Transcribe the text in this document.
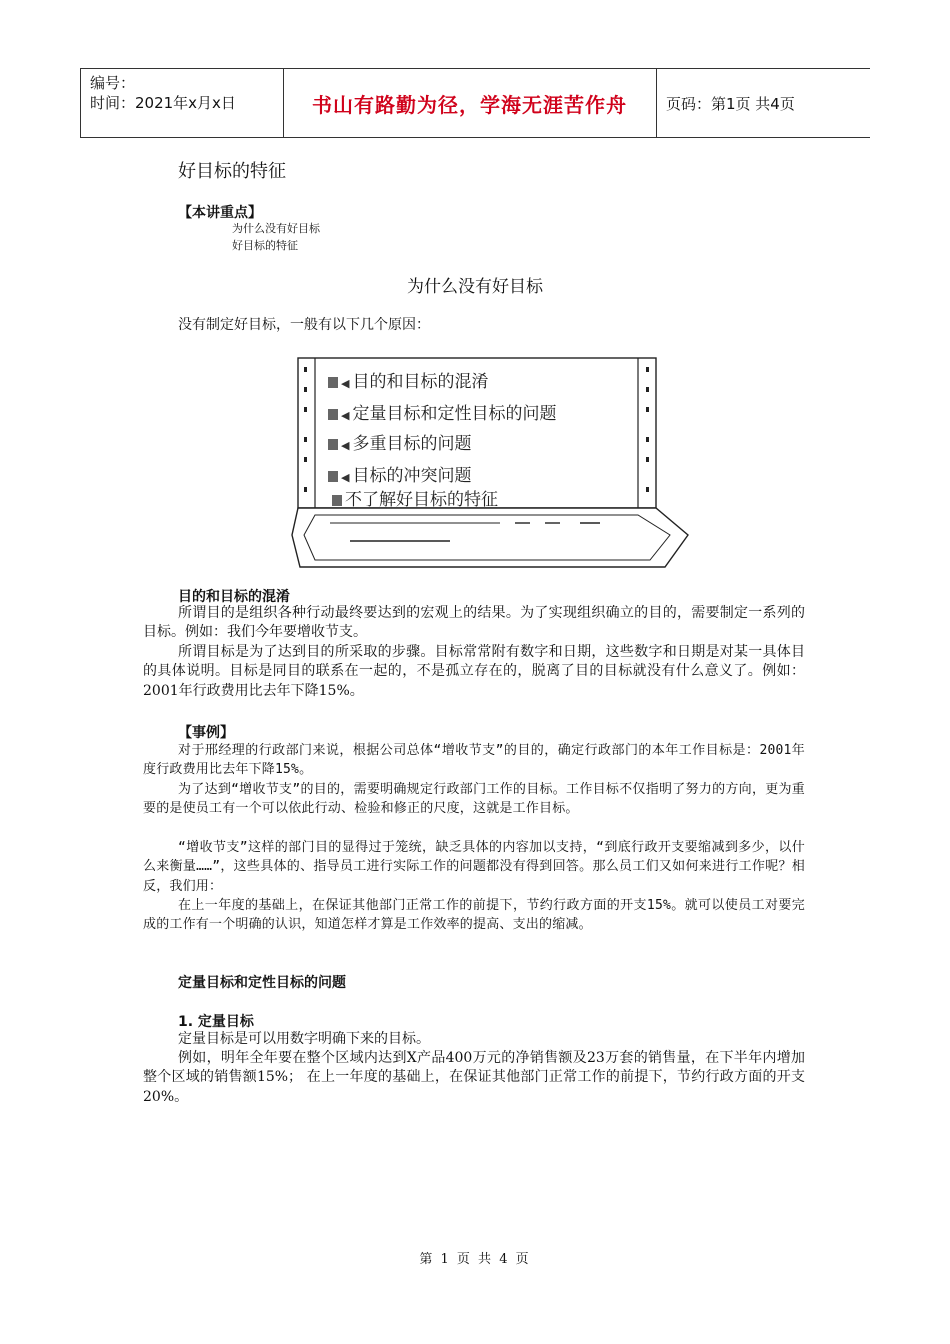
编号：
时间：2021年x月x日	书山有路勤为径，学海无涯苦作舟	页码：第1页 共4页
好目标的特征
【本讲重点】
为什么没有好目标
好目标的特征
为什么没有好目标
没有制定好目标，一般有以下几个原因：
◀ 目的和目标的混淆
◀ 定量目标和定性目标的问题
◀ 多重目标的问题
◀ 目标的冲突问题
不了解好目标的特征
目的和目标的混淆
所谓目的是组织各种行动最终要达到的宏观上的结果。为了实现组织确立的目的，需要制定一系列的目标。例如：我们今年要增收节支。
所谓目标是为了达到目的所采取的步骤。目标常常附有数字和日期，这些数字和日期是对某一具体目的具体说明。目标是同目的联系在一起的，不是孤立存在的，脱离了目的目标就没有什么意义了。例如：2001年行政费用比去年下降15%。
【事例】
对于邢经理的行政部门来说，根据公司总体“增收节支”的目的，确定行政部门的本年工作目标是：2001年度行政费用比去年下降15%。
为了达到“增收节支”的目的，需要明确规定行政部门工作的目标。工作目标不仅指明了努力的方向，更为重要的是使员工有一个可以依此行动、检验和修正的尺度，这就是工作目标。
“增收节支”这样的部门目的显得过于笼统，缺乏具体的内容加以支持，“到底行政开支要缩减到多少，以什么来衡量……”，这些具体的、指导员工进行实际工作的问题都没有得到回答。那么员工们又如何来进行工作呢？相反，我们用：
在上一年度的基础上，在保证其他部门正常工作的前提下，节约行政方面的开支15%。就可以使员工对要完成的工作有一个明确的认识，知道怎样才算是工作效率的提高、支出的缩减。
定量目标和定性目标的问题
1. 定量目标
定量目标是可以用数字明确下来的目标。
例如，明年全年要在整个区域内达到X产品400万元的净销售额及23万套的销售量，在下半年内增加整个区域的销售额15%； 在上一年度的基础上，在保证其他部门正常工作的前提下，节约行政方面的开支20%。
第 1 页 共 4 页
